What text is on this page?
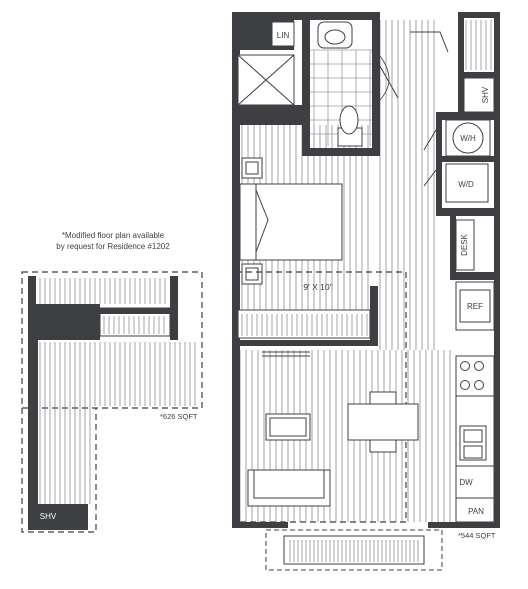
SHV
*626 SQFT
*Modified floor plan available
by request for Residence #1202
LIN
9' X 10"
SHV
W/H
W/D
DESK
REF
DW
PAN
*544 SQFT
